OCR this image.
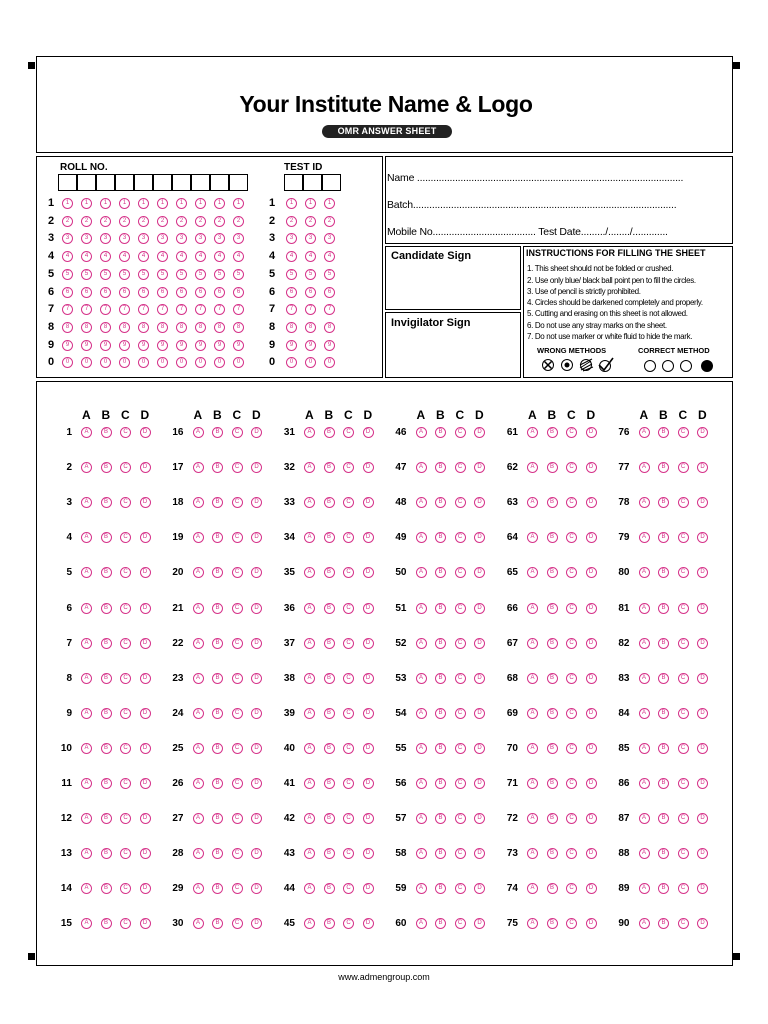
Your Institute Name & Logo
OMR ANSWER SHEET
ROLL NO.	TEST ID
1	1	1	1	1	1	1	1	1	1	1	1	1	1	1
2	2	2	2	2	2	2	2	2	2	2	2	2	2	2
3	3	3	3	3	3	3	3	3	3	3	3	3	3	3
4	4	4	4	4	4	4	4	4	4	4	4	4	4	4
5	5	5	5	5	5	5	5	5	5	5	5	5	5	5
6	6	6	6	6	6	6	6	6	6	6	6	6	6	6
7	7	7	7	7	7	7	7	7	7	7	7	7	7	7
8	8	8	8	8	8	8	8	8	8	8	8	8	8	8
9	9	9	9	9	9	9	9	9	9	9	9	9	9	9
0	0	0	0	0	0	0	0	0	0	0	0	0	0	0
Name ..................................................................................................
Batch.................................................................................................
Mobile No...................................... Test Date........./......../.............
Candidate Sign
Invigilator Sign
INSTRUCTIONS FOR FILLING THE SHEET
1. This sheet should not be folded or crushed.
2. Use only blue/ black ball point pen to fill the circles.
3. Use of pencil is strictly prohibited.
4. Circles should be darkened completely and properly.
5. Cutting and erasing on this sheet is not allowed.
6. Do not use any stray marks on the sheet.
7. Do not use marker or white fluid to hide the mark.
WRONG METHODS	CORRECT METHOD
A B C D
1	A	B	C	D
2	A	B	C	D
3	A	B	C	D
4	A	B	C	D
5	A	B	C	D
6	A	B	C	D
7	A	B	C	D
8	A	B	C	D
9	A	B	C	D
10	A	B	C	D
11	A	B	C	D
12	A	B	C	D
13	A	B	C	D
14	A	B	C	D
15	A	B	C	D
A B C D
16	A	B	C	D
17	A	B	C	D
18	A	B	C	D
19	A	B	C	D
20	A	B	C	D
21	A	B	C	D
22	A	B	C	D
23	A	B	C	D
24	A	B	C	D
25	A	B	C	D
26	A	B	C	D
27	A	B	C	D
28	A	B	C	D
29	A	B	C	D
30	A	B	C	D
A B C D
31	A	B	C	D
32	A	B	C	D
33	A	B	C	D
34	A	B	C	D
35	A	B	C	D
36	A	B	C	D
37	A	B	C	D
38	A	B	C	D
39	A	B	C	D
40	A	B	C	D
41	A	B	C	D
42	A	B	C	D
43	A	B	C	D
44	A	B	C	D
45	A	B	C	D
A B C D
46	A	B	C	D
47	A	B	C	D
48	A	B	C	D
49	A	B	C	D
50	A	B	C	D
51	A	B	C	D
52	A	B	C	D
53	A	B	C	D
54	A	B	C	D
55	A	B	C	D
56	A	B	C	D
57	A	B	C	D
58	A	B	C	D
59	A	B	C	D
60	A	B	C	D
A B C D
61	A	B	C	D
62	A	B	C	D
63	A	B	C	D
64	A	B	C	D
65	A	B	C	D
66	A	B	C	D
67	A	B	C	D
68	A	B	C	D
69	A	B	C	D
70	A	B	C	D
71	A	B	C	D
72	A	B	C	D
73	A	B	C	D
74	A	B	C	D
75	A	B	C	D
A B C D
76	A	B	C	D
77	A	B	C	D
78	A	B	C	D
79	A	B	C	D
80	A	B	C	D
81	A	B	C	D
82	A	B	C	D
83	A	B	C	D
84	A	B	C	D
85	A	B	C	D
86	A	B	C	D
87	A	B	C	D
88	A	B	C	D
89	A	B	C	D
90	A	B	C	D
www.admengroup.com
